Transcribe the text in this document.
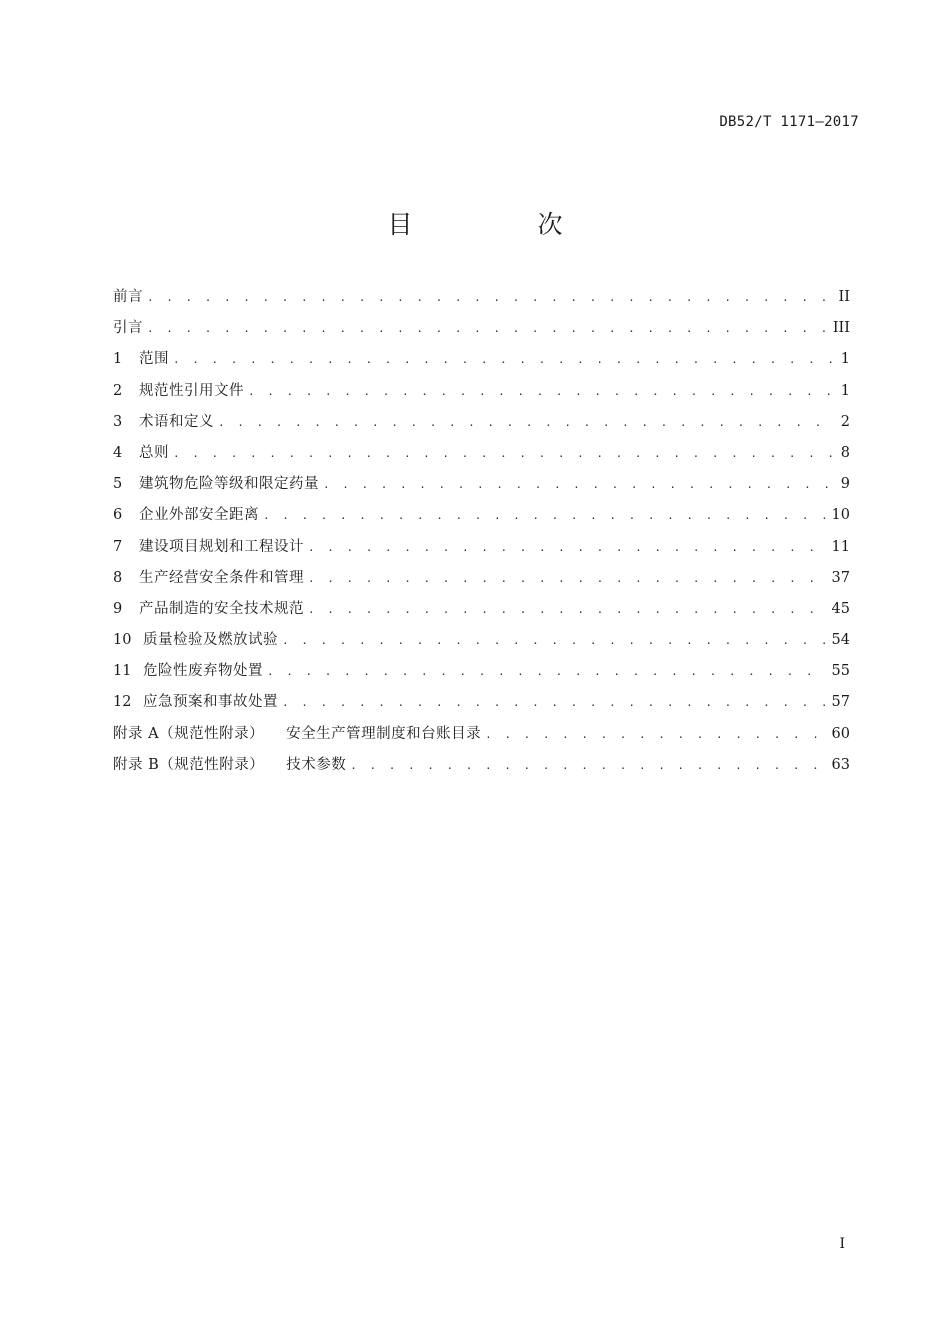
DB52/T 1171—2017
目　次
前言 . . .	II
引言 . . .	III
1	范围 . . .	1
2	规范性引用文件 . . .	1
3	术语和定义 . . .	2
4	总则 . . .	8
5	建筑物危险等级和限定药量 . . .	9
6	企业外部安全距离 . . .	10
7	建设项目规划和工程设计 . . .	11
8	生产经营安全条件和管理 . . .	37
9	产品制造的安全技术规范 . . .	45
10 质量检验及燃放试验 . . .	54
11 危险性废弃物处置 . . .	55
12 应急预案和事故处置 . . .	57
附录 A（规范性附录）	安全生产管理制度和台账目录 . . .	60
附录 B（规范性附录）	技术参数 . . .	63
I
